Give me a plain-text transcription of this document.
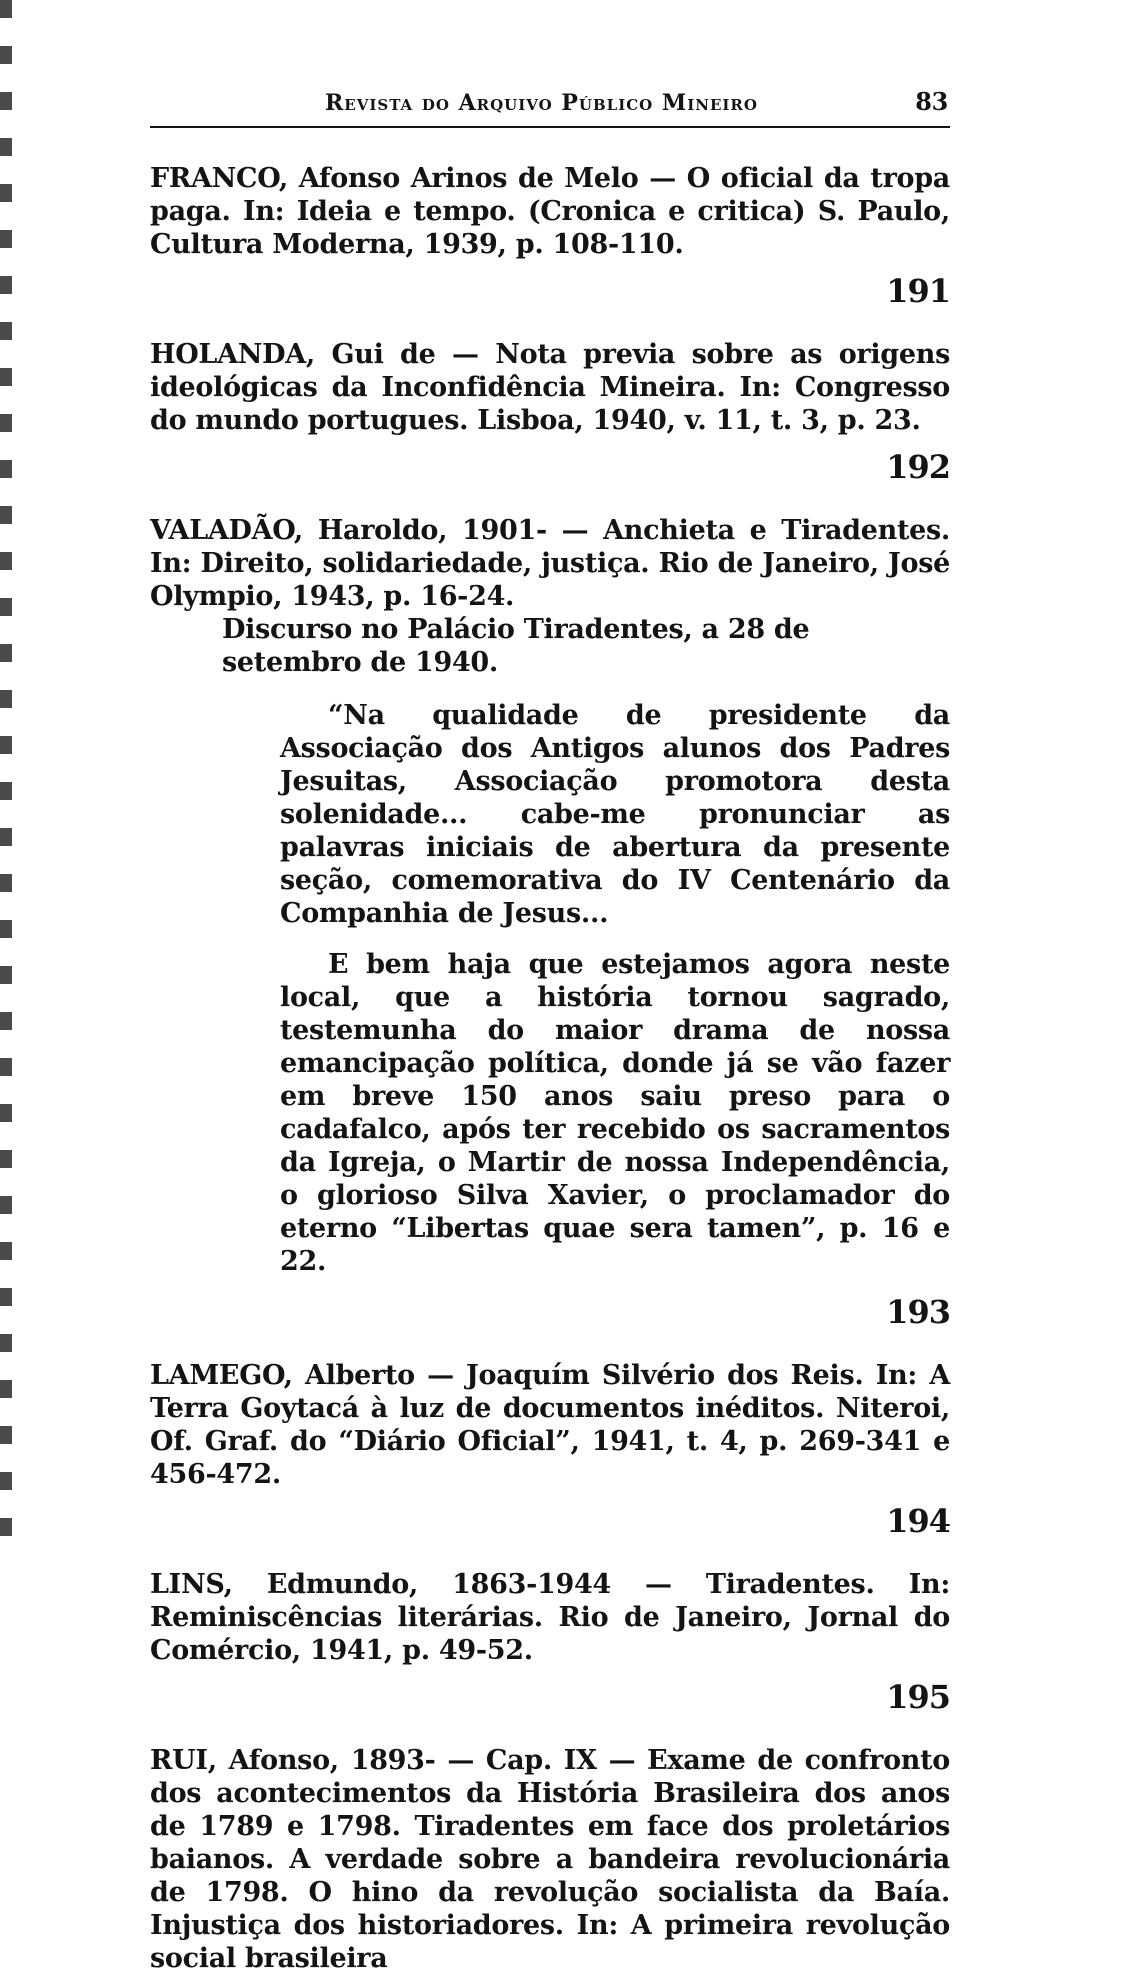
Revista do Arquivo Público Mineiro	83

FRANCO, Afonso Arinos de Melo — O oficial da tropa paga. In: Ideia e tempo. (Cronica e critica) S. Paulo, Cultura Moderna, 1939, p. 108-110.

191

HOLANDA, Gui de — Nota previa sobre as origens ideológicas da Inconfidência Mineira. In: Congresso do mundo portugues. Lisboa, 1940, v. 11, t. 3, p. 23.

192

VALADÃO, Haroldo, 1901- — Anchieta e Tiradentes. In: Direito, solidariedade, justiça. Rio de Janeiro, José Olympio, 1943, p. 16-24.

Discurso no Palácio Tiradentes, a 28 de setembro de 1940.

“Na qualidade de presidente da Associação dos Antigos alunos dos Padres Jesuitas, Associação promotora desta solenidade... cabe-me pronunciar as palavras iniciais de abertura da presente seção, comemorativa do IV Centenário da Companhia de Jesus...

E bem haja que estejamos agora neste local, que a história tornou sagrado, testemunha do maior drama de nossa emancipação política, donde já se vão fazer em breve 150 anos saiu preso para o cadafalco, após ter recebido os sacramentos da Igreja, o Martir de nossa Independência, o glorioso Silva Xavier, o proclamador do eterno “Libertas quae sera tamen”, p. 16 e 22.

193

LAMEGO, Alberto — Joaquím Silvério dos Reis. In: A Terra Goytacá à luz de documentos inéditos. Niteroi, Of. Graf. do “Diário Oficial”, 1941, t. 4, p. 269-341 e 456-472.

194

LINS, Edmundo, 1863-1944 — Tiradentes. In: Reminiscências literárias. Rio de Janeiro, Jornal do Comércio, 1941, p. 49-52.

195

RUI, Afonso, 1893- — Cap. IX — Exame de confronto dos acontecimentos da História Brasileira dos anos de 1789 e 1798. Tiradentes em face dos proletários baianos. A verdade sobre a bandeira revolucionária de 1798. O hino da revolução socialista da Baía. Injustiça dos historiadores. In: A primeira revolução social brasileira
